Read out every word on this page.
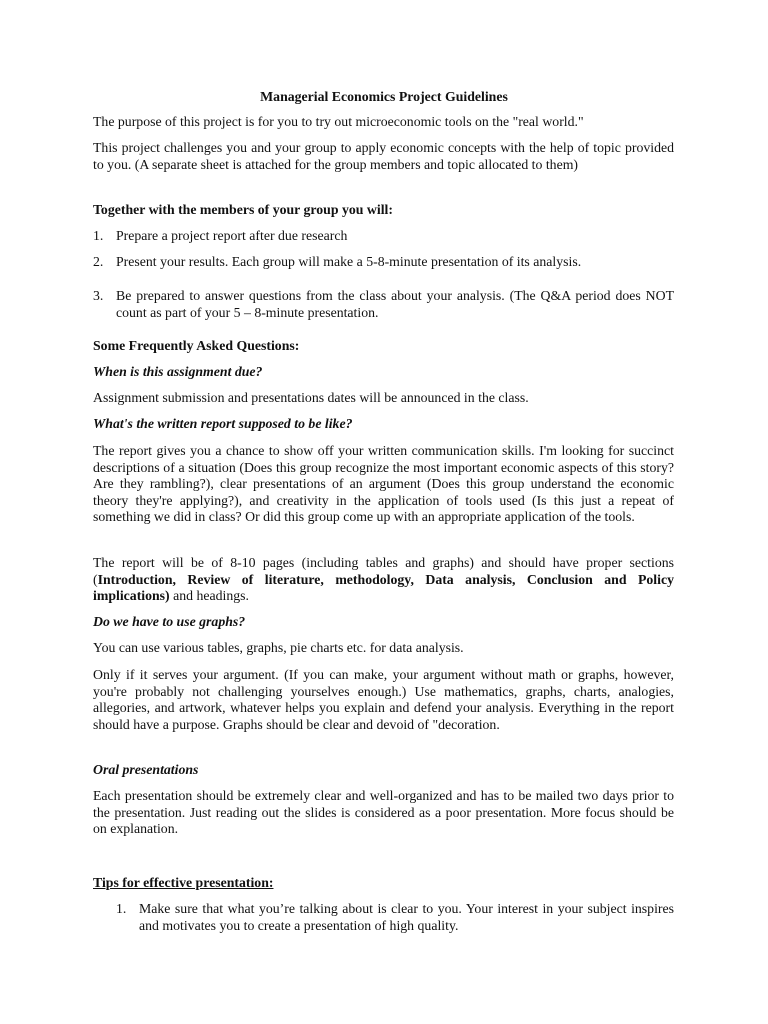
Managerial Economics Project Guidelines

The purpose of this project is for you to try out microeconomic tools on the "real world."

This project challenges you and your group to apply economic concepts with the help of topic provided to you. (A separate sheet is attached for the group members and topic allocated to them)

Together with the members of your group you will:

1. Prepare a project report after due research
2. Present your results. Each group will make a 5-8-minute presentation of its analysis.
3. Be prepared to answer questions from the class about your analysis. (The Q&A period does NOT count as part of your 5 – 8-minute presentation.

Some Frequently Asked Questions:

When is this assignment due?

Assignment submission and presentations dates will be announced in the class.

What's the written report supposed to be like?

The report gives you a chance to show off your written communication skills. I'm looking for succinct descriptions of a situation (Does this group recognize the most important economic aspects of this story? Are they rambling?), clear presentations of an argument (Does this group understand the economic theory they're applying?), and creativity in the application of tools used (Is this just a repeat of something we did in class? Or did this group come up with an appropriate application of the tools.

The report will be of 8-10 pages (including tables and graphs) and should have proper sections (Introduction, Review of literature, methodology, Data analysis, Conclusion and Policy implications) and headings.

Do we have to use graphs?

You can use various tables, graphs, pie charts etc. for data analysis.

Only if it serves your argument. (If you can make, your argument without math or graphs, however, you're probably not challenging yourselves enough.) Use mathematics, graphs, charts, analogies, allegories, and artwork, whatever helps you explain and defend your analysis. Everything in the report should have a purpose. Graphs should be clear and devoid of "decoration.

Oral presentations

Each presentation should be extremely clear and well-organized and has to be mailed two days prior to the presentation. Just reading out the slides is considered as a poor presentation. More focus should be on explanation.

Tips for effective presentation:

1. Make sure that what you’re talking about is clear to you. Your interest in your subject inspires and motivates you to create a presentation of high quality.
